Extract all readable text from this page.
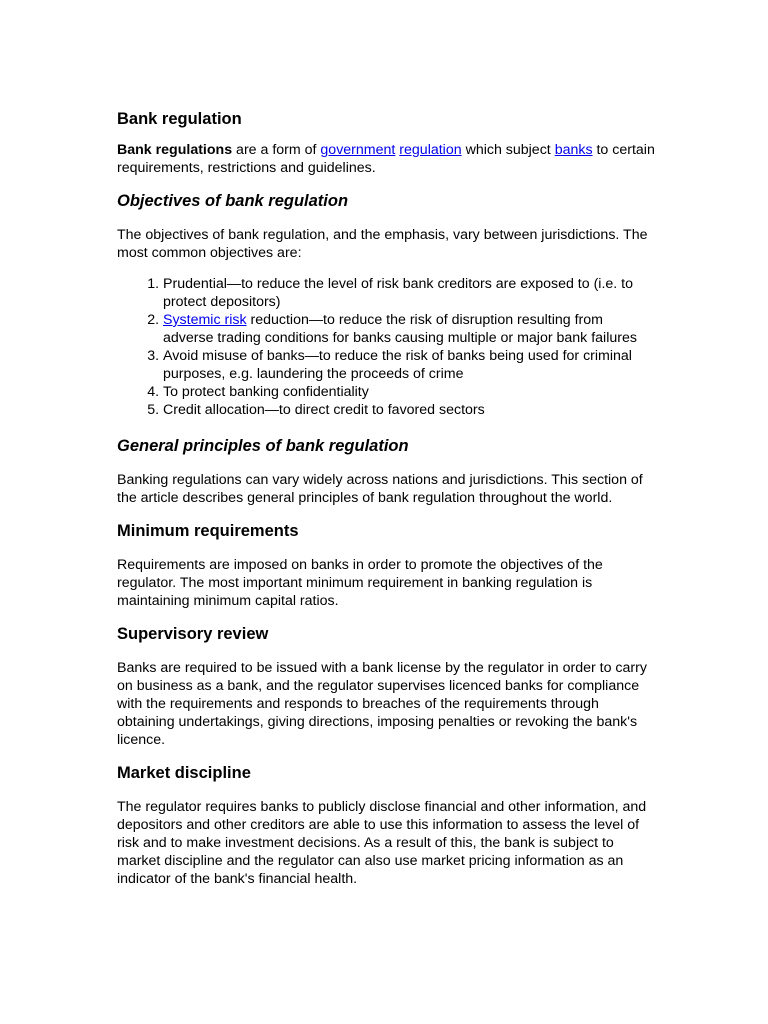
Bank regulation

Bank regulations are a form of government regulation which subject banks to certain requirements, restrictions and guidelines.

Objectives of bank regulation

The objectives of bank regulation, and the emphasis, vary between jurisdictions. The most common objectives are:

1. Prudential—to reduce the level of risk bank creditors are exposed to (i.e. to protect depositors)
2. Systemic risk reduction—to reduce the risk of disruption resulting from adverse trading conditions for banks causing multiple or major bank failures
3. Avoid misuse of banks—to reduce the risk of banks being used for criminal purposes, e.g. laundering the proceeds of crime
4. To protect banking confidentiality
5. Credit allocation—to direct credit to favored sectors
General principles of bank regulation

Banking regulations can vary widely across nations and jurisdictions. This section of the article describes general principles of bank regulation throughout the world.

Minimum requirements

Requirements are imposed on banks in order to promote the objectives of the regulator. The most important minimum requirement in banking regulation is maintaining minimum capital ratios.

Supervisory review

Banks are required to be issued with a bank license by the regulator in order to carry on business as a bank, and the regulator supervises licenced banks for compliance with the requirements and responds to breaches of the requirements through obtaining undertakings, giving directions, imposing penalties or revoking the bank's licence.

Market discipline

The regulator requires banks to publicly disclose financial and other information, and depositors and other creditors are able to use this information to assess the level of risk and to make investment decisions. As a result of this, the bank is subject to market discipline and the regulator can also use market pricing information as an indicator of the bank's financial health.
